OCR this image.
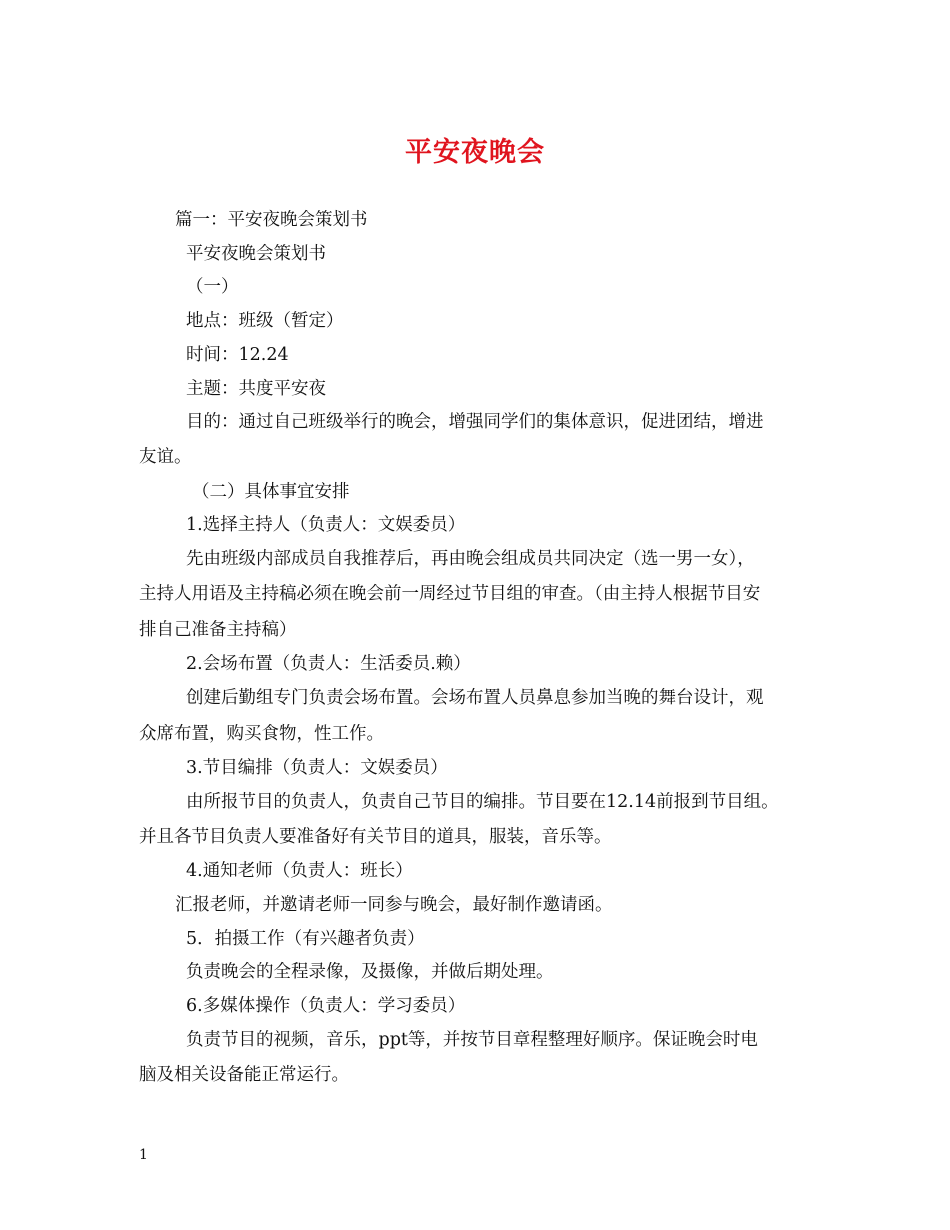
平安夜晚会
篇一：平安夜晚会策划书
平安夜晚会策划书
（一）
地点：班级（暂定）
时间：12.24
主题：共度平安夜
目的：通过自己班级举行的晚会，增强同学们的集体意识，促进团结，增进
友谊。
（二）具体事宜安排
1.选择主持人（负责人：文娱委员）
先由班级内部成员自我推荐后，再由晚会组成员共同决定（选一男一女），
主持人用语及主持稿必须在晚会前一周经过节目组的审查。（由主持人根据节目安
排自己准备主持稿）
2.会场布置（负责人：生活委员.赖）
创建后勤组专门负责会场布置。会场布置人员鼻息参加当晚的舞台设计，观
众席布置，购买食物，性工作。
3.节目编排（负责人：文娱委员）
由所报节目的负责人，负责自己节目的编排。节目要在12.14前报到节目组。
并且各节目负责人要准备好有关节目的道具，服装，音乐等。
4.通知老师（负责人：班长）
汇报老师，并邀请老师一同参与晚会，最好制作邀请函。
5．拍摄工作（有兴趣者负责）
负责晚会的全程录像，及摄像，并做后期处理。
6.多媒体操作（负责人：学习委员）
负责节目的视频，音乐，ppt等，并按节目章程整理好顺序。保证晚会时电
脑及相关设备能正常运行。
1
